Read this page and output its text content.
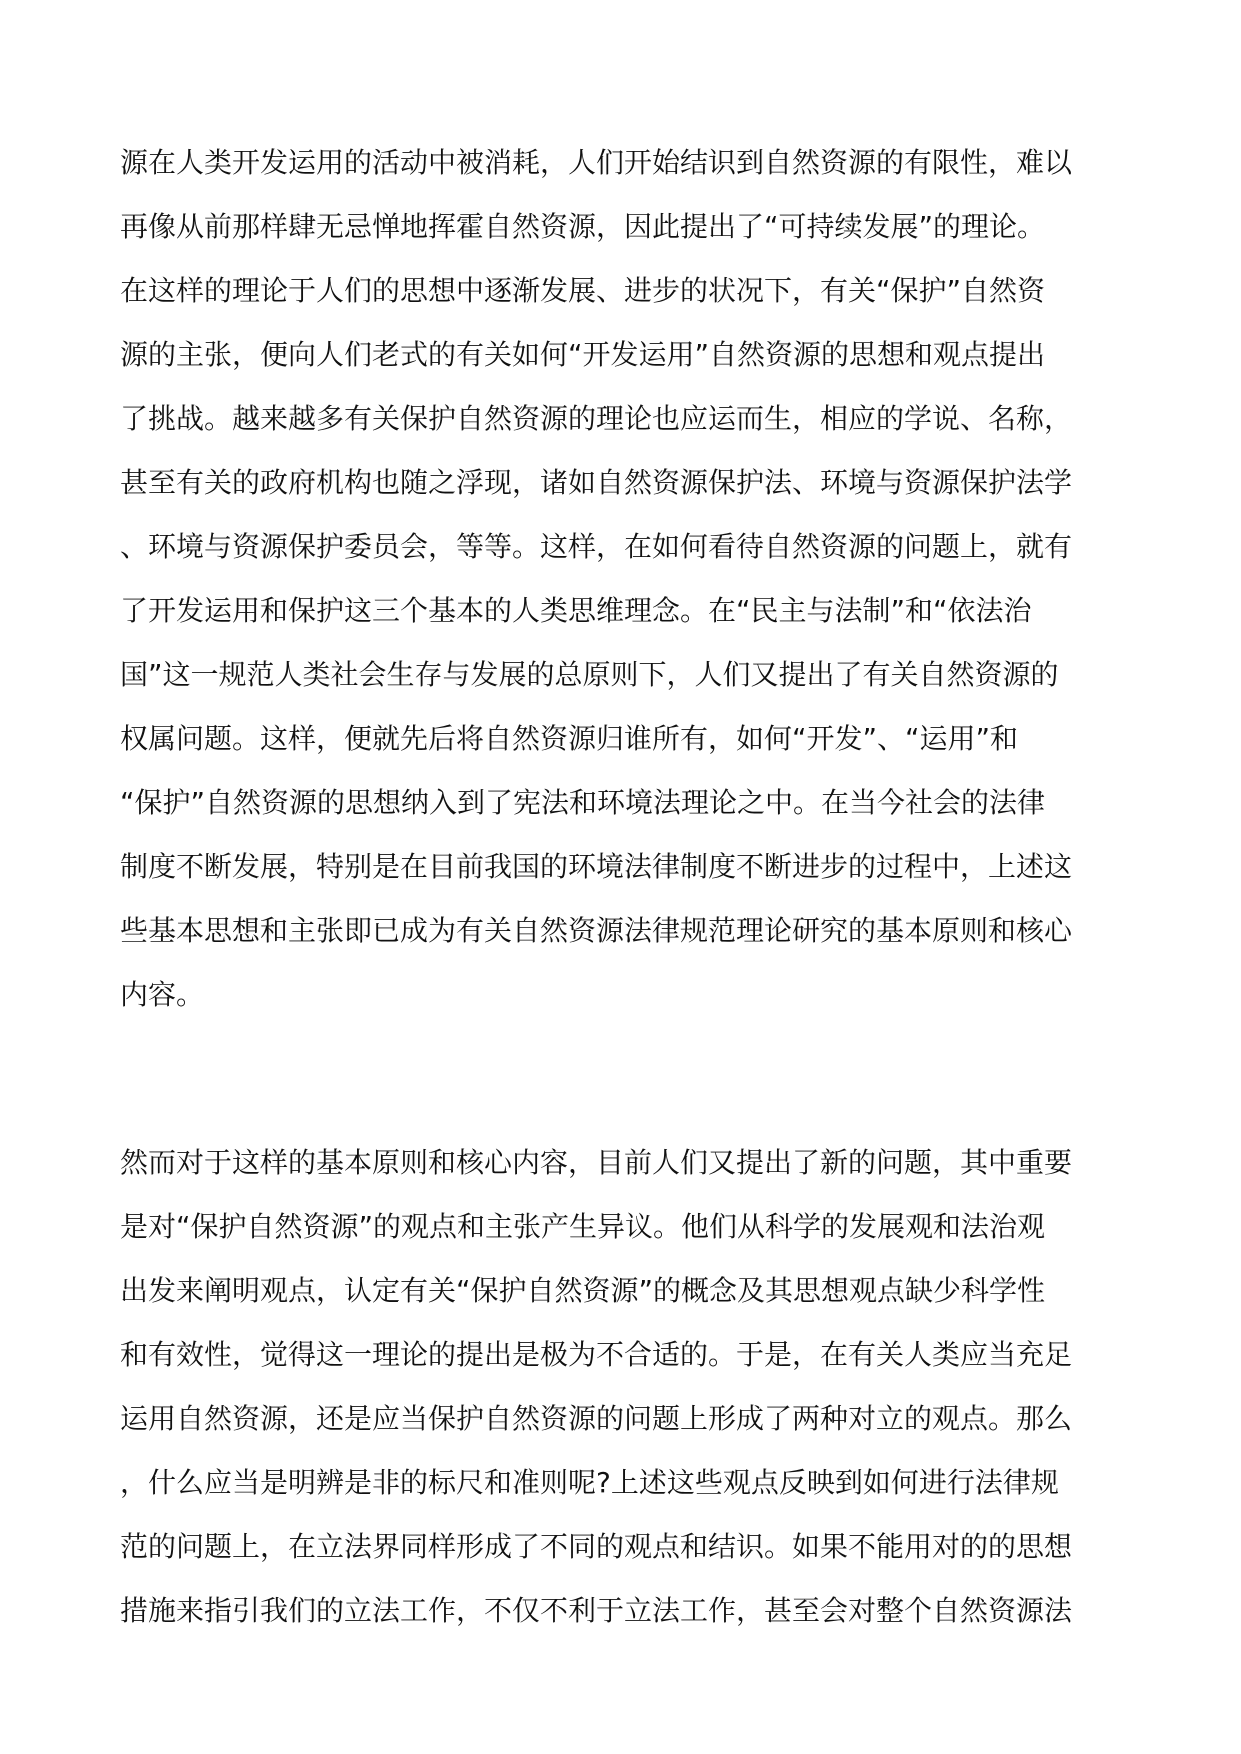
源在人类开发运用的活动中被消耗，人们开始结识到自然资源的有限性，难以
再像从前那样肆无忌惮地挥霍自然资源，因此提出了“可持续发展”的理论。
在这样的理论于人们的思想中逐渐发展、进步的状况下，有关“保护”自然资
源的主张，便向人们老式的有关如何“开发运用”自然资源的思想和观点提出
了挑战。越来越多有关保护自然资源的理论也应运而生，相应的学说、名称，
甚至有关的政府机构也随之浮现，诸如自然资源保护法、环境与资源保护法学
、环境与资源保护委员会，等等。这样，在如何看待自然资源的问题上，就有
了开发运用和保护这三个基本的人类思维理念。在“民主与法制”和“依法治
国”这一规范人类社会生存与发展的总原则下，人们又提出了有关自然资源的
权属问题。这样，便就先后将自然资源归谁所有，如何“开发”、“运用”和
“保护”自然资源的思想纳入到了宪法和环境法理论之中。在当今社会的法律
制度不断发展，特别是在目前我国的环境法律制度不断进步的过程中，上述这
些基本思想和主张即已成为有关自然资源法律规范理论研究的基本原则和核心
内容。
然而对于这样的基本原则和核心内容，目前人们又提出了新的问题，其中重要
是对“保护自然资源”的观点和主张产生异议。他们从科学的发展观和法治观
出发来阐明观点，认定有关“保护自然资源”的概念及其思想观点缺少科学性
和有效性，觉得这一理论的提出是极为不合适的。于是，在有关人类应当充足
运用自然资源，还是应当保护自然资源的问题上形成了两种对立的观点。那么
，什么应当是明辨是非的标尺和准则呢?上述这些观点反映到如何进行法律规
范的问题上，在立法界同样形成了不同的观点和结识。如果不能用对的的思想
措施来指引我们的立法工作，不仅不利于立法工作，甚至会对整个自然资源法
